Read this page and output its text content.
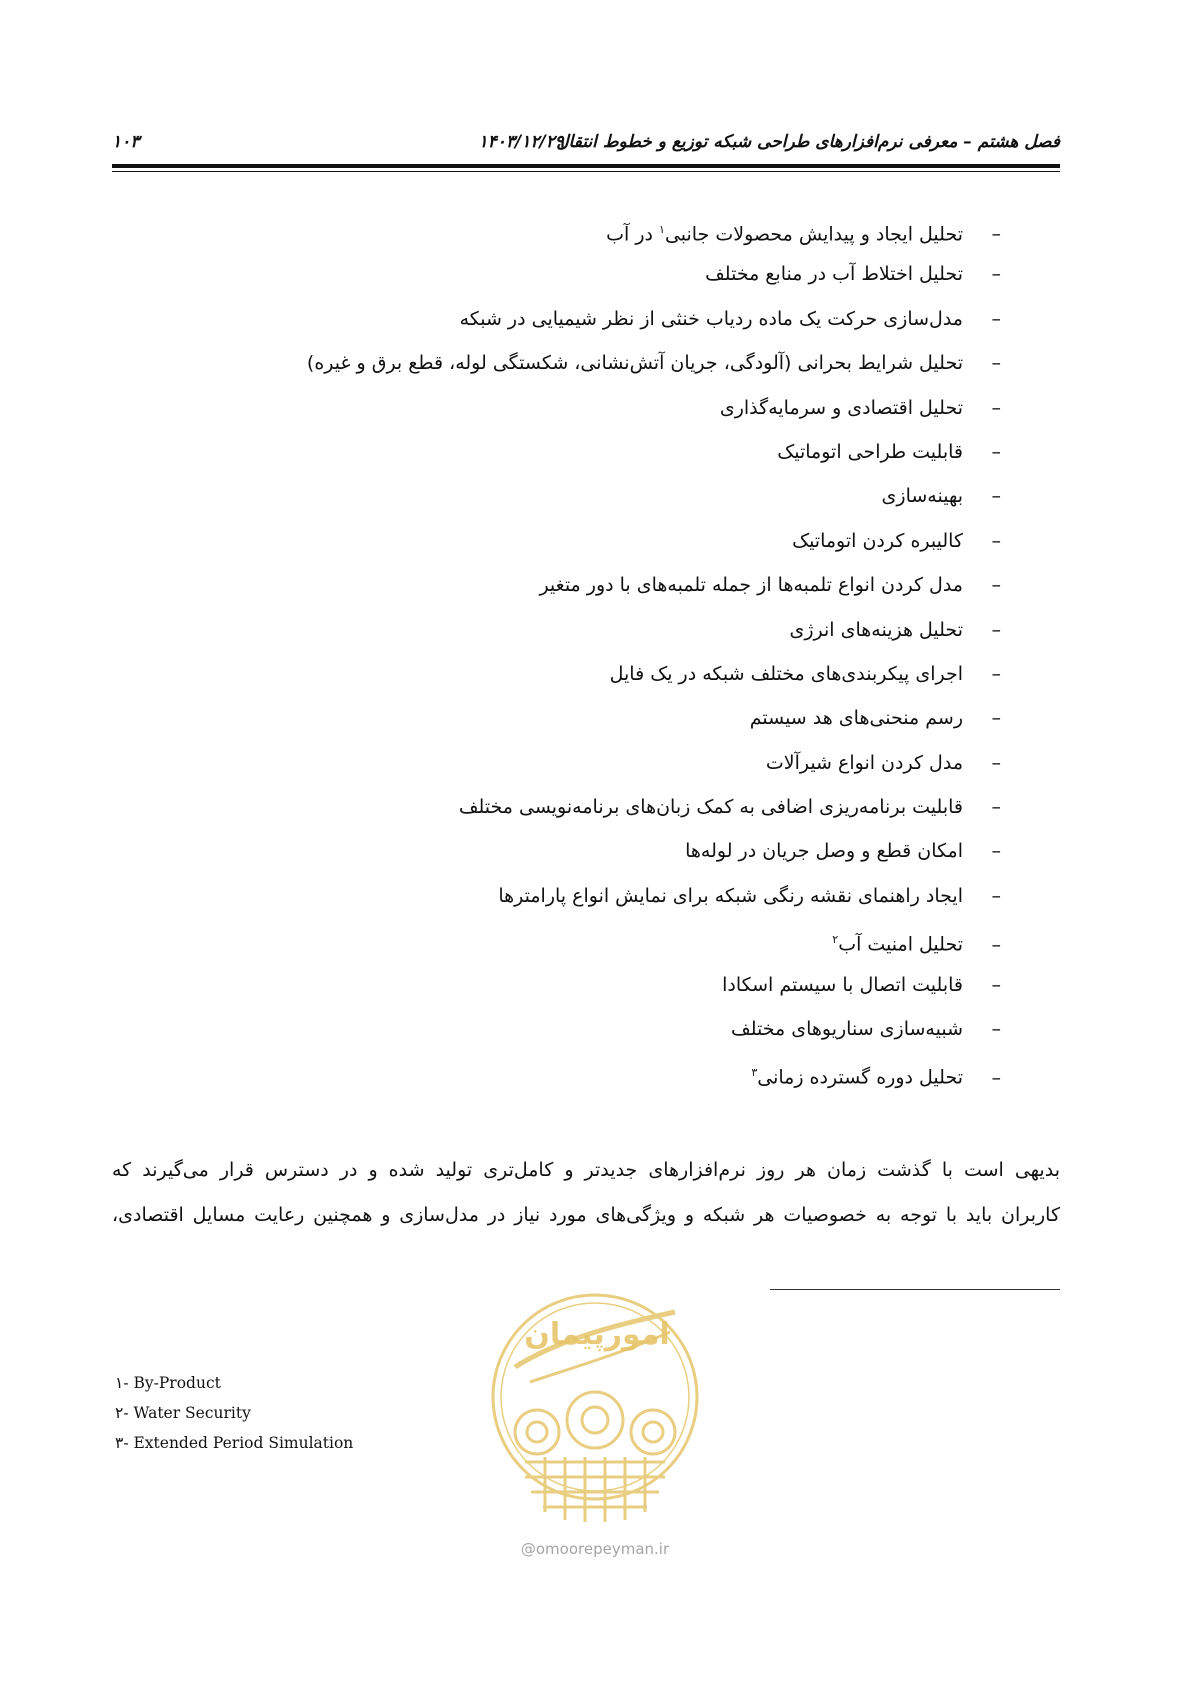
فصل هشتم – معرفی نرم‌افزارهای طراحی شبکه توزیع و خطوط انتقال
۱۴۰۳/۱۲/۲۹
۱۰۳
–تحلیل ایجاد و پیدایش محصولات جانبی$^۱$ در آب
–تحلیل اختلاط آب در منابع مختلف
–مدل‌سازی حرکت یک ماده ردیاب خنثی از نظر شیمیایی در شبکه
–تحلیل شرایط بحرانی (آلودگی، جریان آتش‌نشانی، شکستگی لوله، قطع برق و غیره)
–تحلیل اقتصادی و سرمایه‌گذاری
–قابلیت طراحی اتوماتیک
–بهینه‌سازی
–کالیبره کردن اتوماتیک
–مدل کردن انواع تلمبه‌ها از جمله تلمبه‌های با دور متغیر
–تحلیل هزینه‌های انرژی
–اجرای پیکربندی‌های مختلف شبکه در یک فایل
–رسم منحنی‌های هد سیستم
–مدل کردن انواع شیرآلات
–قابلیت برنامه‌ریزی اضافی به کمک زبان‌های برنامه‌نویسی مختلف
–امکان قطع و وصل جریان در لوله‌ها
–ایجاد راهنمای نقشه رنگی شبکه برای نمایش انواع پارامترها
–تحلیل امنیت آب$^۲$
–قابلیت اتصال با سیستم اسکادا
–شبیه‌سازی سناریوهای مختلف
–تحلیل دوره گسترده زمانی$^۳$

بدیهی است با گذشت زمان هر روز نرم‌افزارهای جدیدتر و کامل‌تری تولید شده و در دسترس قرار می‌گیرند که

کاربران باید با توجه به خصوصیات هر شبکه و ویژگی‌های مورد نیاز در مدل‌سازی و همچنین رعایت مسایل اقتصادی،

۱- By-Product
۲- Water Security
۳- Extended Period Simulation
امورپیمان
@omoorepeyman.ir
